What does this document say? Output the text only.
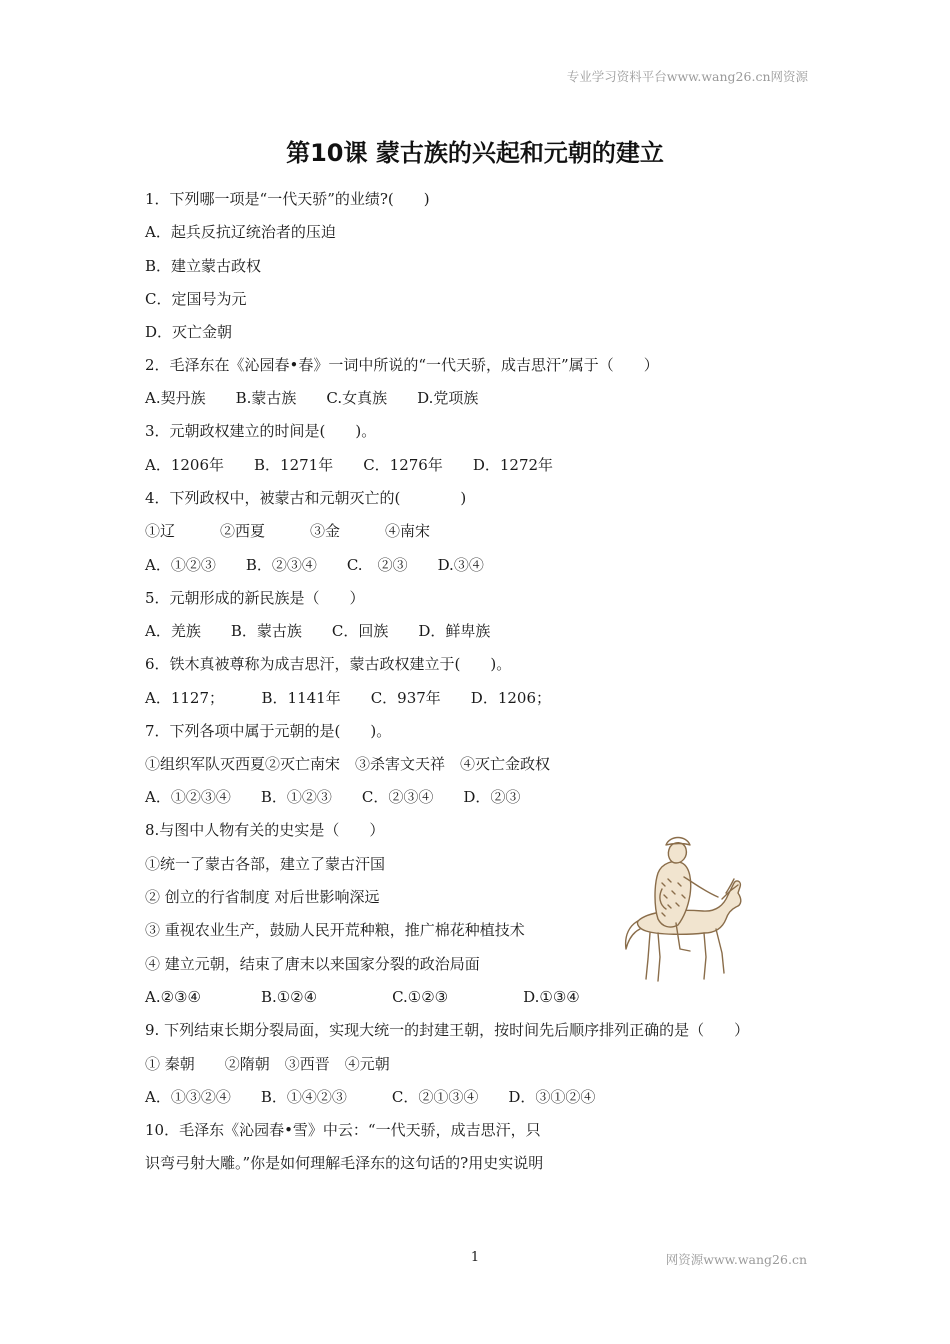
专业学习资料平台www.wang26.cn网资源
第10课 蒙古族的兴起和元朝的建立
1．下列哪一项是“一代天骄”的业绩?(　　)
A．起兵反抗辽统治者的压迫
B．建立蒙古政权
C．定国号为元
D．灭亡金朝
2．毛泽东在《沁园春•春》一词中所说的“一代天骄，成吉思汗”属于（　　）
A.契丹族　　B.蒙古族　　C.女真族　　D.党项族
3．元朝政权建立的时间是(　　)。
A．1206年　　B．1271年　　C．1276年　　D．1272年
4．下列政权中，被蒙古和元朝灭亡的(　　　　)
①辽　　　②西夏　　　③金　　　④南宋
A．①②③　　B．②③④　　C.　②③　　D.③④
5．元朝形成的新民族是（　　）
A．羌族　　B．蒙古族　　C．回族　　D．鲜卑族
6．铁木真被尊称为成吉思汗，蒙古政权建立于(　　)。
A．1127；　　　B．1141年　　C．937年　　D．1206；
7．下列各项中属于元朝的是(　　)。
①组织军队灭西夏②灭亡南宋　③杀害文天祥　④灭亡金政权
A．①②③④　　B．①②③　　C．②③④　　D．②③
8.与图中人物有关的史实是（　　）
①统一了蒙古各部，建立了蒙古汗国
② 创立的行省制度 对后世影响深远
③ 重视农业生产，鼓励人民开荒种粮，推广棉花种植技术
④ 建立元朝，结束了唐末以来国家分裂的政治局面
A.②③④　　　　B.①②④　　　　　C.①②③　　　　　D.①③④
9. 下列结束长期分裂局面，实现大统一的封建王朝，按时间先后顺序排列正确的是（　　）
① 秦朝　　②隋朝　③西晋　④元朝
A．①③②④　　B．①④②③　　　C．②①③④　　D．③①②④
10．毛泽东《沁园春•雪》中云：“一代天骄，成吉思汗，只
识弯弓射大雕。”你是如何理解毛泽东的这句话的?用史实说明
1	网资源www.wang26.cn
